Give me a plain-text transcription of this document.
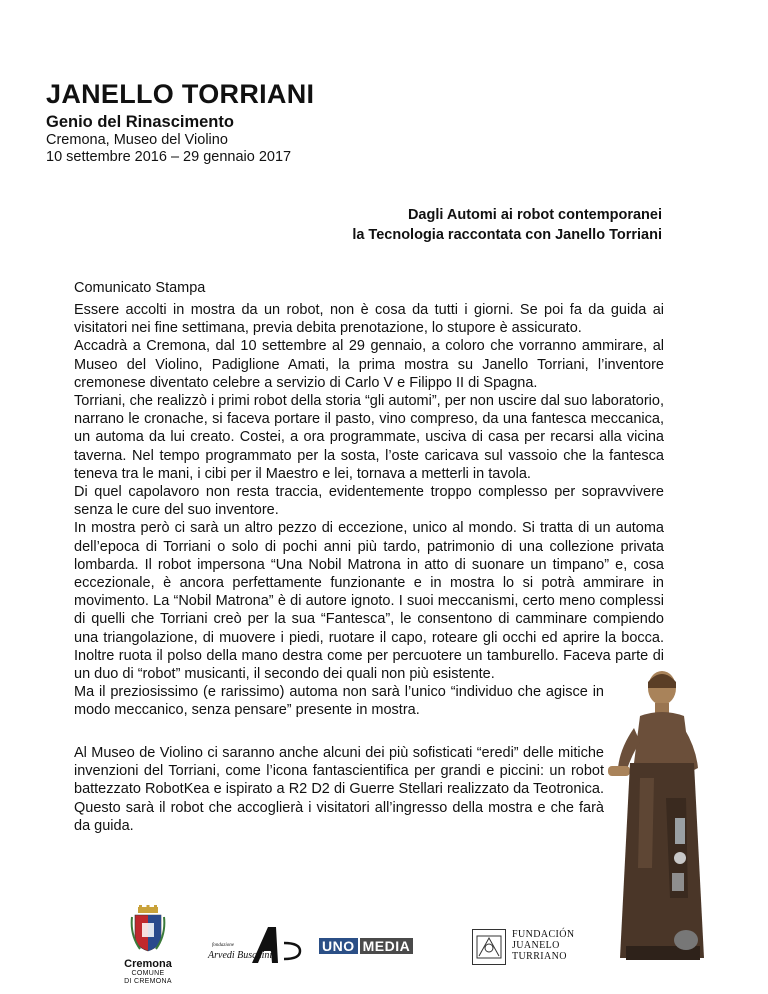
JANELLO TORRIANI
Genio del Rinascimento
Cremona, Museo del Violino
10 settembre 2016 – 29 gennaio 2017
Dagli Automi ai robot contemporanei
la Tecnologia raccontata con Janello Torriani
Comunicato Stampa

Essere accolti in mostra da un robot, non è cosa da tutti i giorni. Se poi fa da guida ai visitatori nei fine settimana, previa debita prenotazione, lo stupore è assicurato.

Accadrà a Cremona, dal 10 settembre al 29 gennaio, a coloro che vorranno ammirare, al Museo del Violino, Padiglione Amati, la prima mostra su Janello Torriani, l’inventore cremonese diventato celebre a servizio di Carlo V e Filippo II di Spagna.

Torriani, che realizzò i primi robot della storia “gli automi”, per non uscire dal suo laboratorio, narrano le cronache, si faceva portare il pasto, vino compreso, da una fantesca meccanica, un automa da lui creato. Costei, a ora programmate, usciva di casa per recarsi alla vicina taverna. Nel tempo programmato per la sosta, l’oste caricava sul vassoio che la fantesca teneva tra le mani, i cibi per il Maestro e lei, tornava a metterli in tavola.

Di quel capolavoro non resta traccia, evidentemente troppo complesso per sopravvivere senza le cure del suo inventore.

In mostra però ci sarà un altro pezzo di eccezione, unico al mondo. Si tratta di un automa dell’epoca di Torriani o solo di pochi anni più tardo, patrimonio di una collezione privata lombarda. Il robot impersona “Una Nobil Matrona in atto di suonare un timpano” e, cosa eccezionale, è ancora perfettamente funzionante e in mostra lo si potrà ammirare in movimento. La “Nobil Matrona” è di autore ignoto. I suoi meccanismi, certo meno complessi di quelli che Torriani creò per la sua “Fantesca”, le consentono di camminare compiendo una triangolazione, di muovere i piedi, ruotare il capo, roteare gli occhi ed aprire la bocca. Inoltre ruota il polso della mano destra come per percuotere un tamburello. Faceva parte di un duo di “robot” musicanti, il secondo dei quali non più esistente.

Ma il preziosissimo (e rarissimo) automa non sarà l’unico “individuo che agisce in modo meccanico, senza pensare” presente in mostra.

Al Museo de Violino ci saranno anche alcuni dei più sofisticati “eredi” delle mitiche invenzioni del Torriani, come l’icona fantascientifica per grandi e piccini: un robot battezzato RobotKea e ispirato a R2 D2 di Guerre Stellari realizzato da Teotronica. Questo sarà il robot che accoglierà i visitatori all’ingresso della mostra e che farà da guida.

Cremona
COMUNE
DI CREMONA
fondazione
Arvedi Buschini
UNO MEDIA
FUNDACIÓN
JUANELO
TURRIANO
